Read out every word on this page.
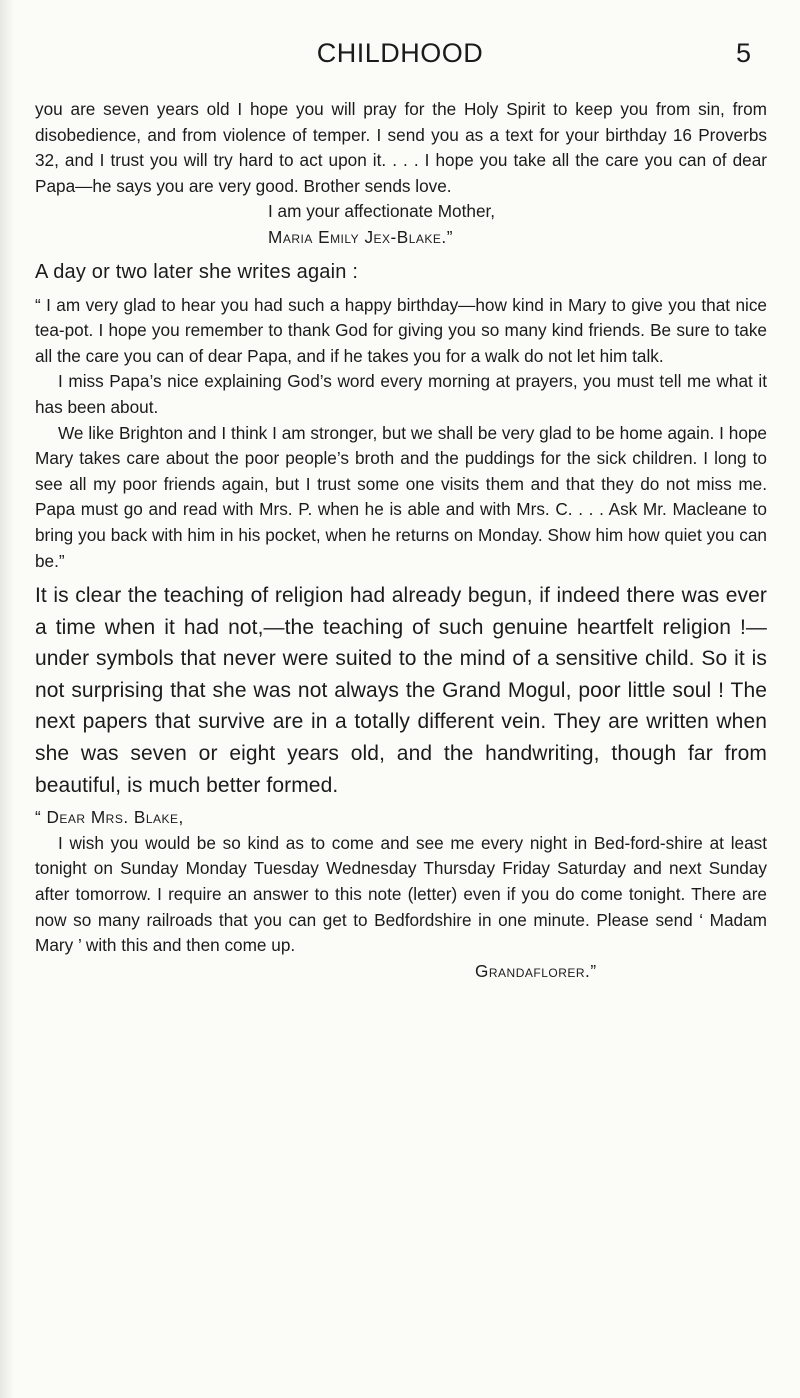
CHILDHOOD	5

you are seven years old I hope you will pray for the Holy Spirit to keep you from sin, from disobedience, and from violence of temper. I send you as a text for your birthday 16 Proverbs 32, and I trust you will try hard to act upon it. . . . I hope you take all the care you can of dear Papa—he says you are very good. Brother sends love.

I am your affectionate Mother,
Maria Emily Jex-Blake.”
A day or two later she writes again :

“ I am very glad to hear you had such a happy birthday—how kind in Mary to give you that nice tea-pot. I hope you remember to thank God for giving you so many kind friends. Be sure to take all the care you can of dear Papa, and if he takes you for a walk do not let him talk.

I miss Papa’s nice explaining God’s word every morning at prayers, you must tell me what it has been about.

We like Brighton and I think I am stronger, but we shall be very glad to be home again. I hope Mary takes care about the poor people’s broth and the puddings for the sick children. I long to see all my poor friends again, but I trust some one visits them and that they do not miss me. Papa must go and read with Mrs. P. when he is able and with Mrs. C. . . . Ask Mr. Macleane to bring you back with him in his pocket, when he returns on Monday. Show him how quiet you can be.”

It is clear the teaching of religion had already begun, if indeed there was ever a time when it had not,—the teaching of such genuine heartfelt religion !—under symbols that never were suited to the mind of a sensitive child. So it is not surprising that she was not always the Grand Mogul, poor little soul ! The next papers that survive are in a totally different vein. They are written when she was seven or eight years old, and the handwriting, though far from beautiful, is much better formed.
“ Dear Mrs. Blake,

I wish you would be so kind as to come and see me every night in Bed-ford-shire at least tonight on Sunday Monday Tuesday Wednesday Thursday Friday Saturday and next Sunday after tomorrow. I require an answer to this note (letter) even if you do come tonight. There are now so many railroads that you can get to Bedfordshire in one minute. Please send ‘ Madam Mary ’ with this and then come up.

Grandaflorer.”
